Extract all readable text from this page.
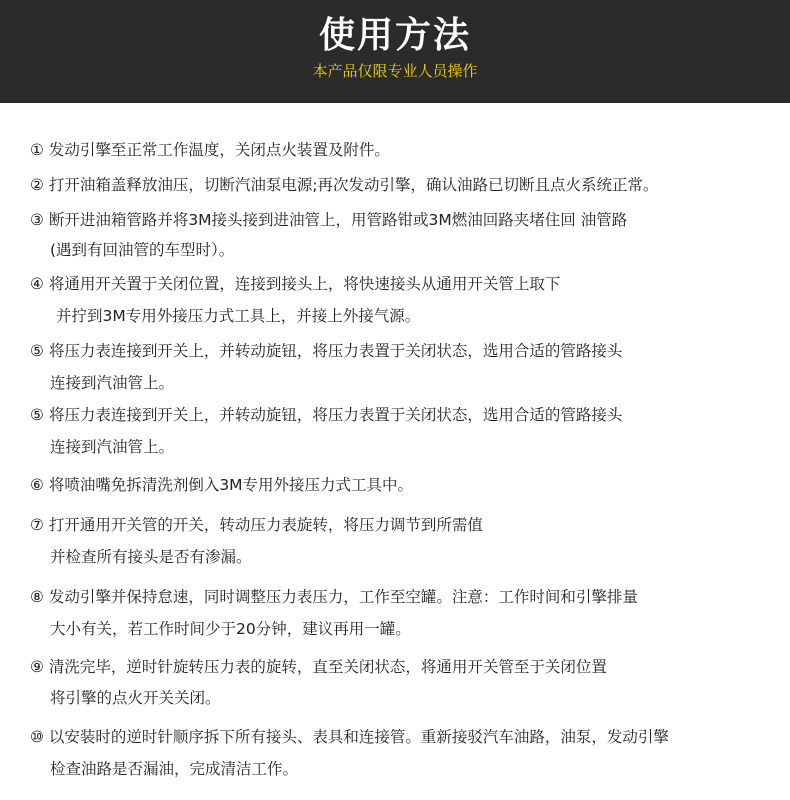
使用方法
本产品仅限专业人员操作
① 发动引擎至正常工作温度，关闭点火装置及附件。
② 打开油箱盖释放油压，切断汽油泵电源;再次发动引擎，确认油路已切断且点火系统正常。
③ 断开进油箱管路并将3M接头接到进油管上，用管路钳或3M燃油回路夹堵住回 油管路
(遇到有回油管的车型时）。
④ 将通用开关置于关闭位置，连接到接头上，将快速接头从通用开关管上取下
并拧到3M专用外接压力式工具上，并接上外接气源。
⑤ 将压力表连接到开关上，并转动旋钮，将压力表置于关闭状态，选用合适的管路接头
连接到汽油管上。
⑤ 将压力表连接到开关上，并转动旋钮，将压力表置于关闭状态，选用合适的管路接头
连接到汽油管上。
⑥ 将喷油嘴免拆清洗剂倒入3M专用外接压力式工具中。
⑦ 打开通用开关管的开关，转动压力表旋转，将压力调节到所需值
并检查所有接头是否有渗漏。
⑧ 发动引擎并保持怠速，同时调整压力表压力，工作至空罐。注意：工作时间和引擎排量
大小有关，若工作时间少于20分钟，建议再用一罐。
⑨ 清洗完毕，逆时针旋转压力表的旋转，直至关闭状态，将通用开关管至于关闭位置
将引擎的点火开关关闭。
⑩ 以安装时的逆时针顺序拆下所有接头、表具和连接管。重新接驳汽车油路，油泵，发动引擎
检查油路是否漏油，完成清洁工作。
